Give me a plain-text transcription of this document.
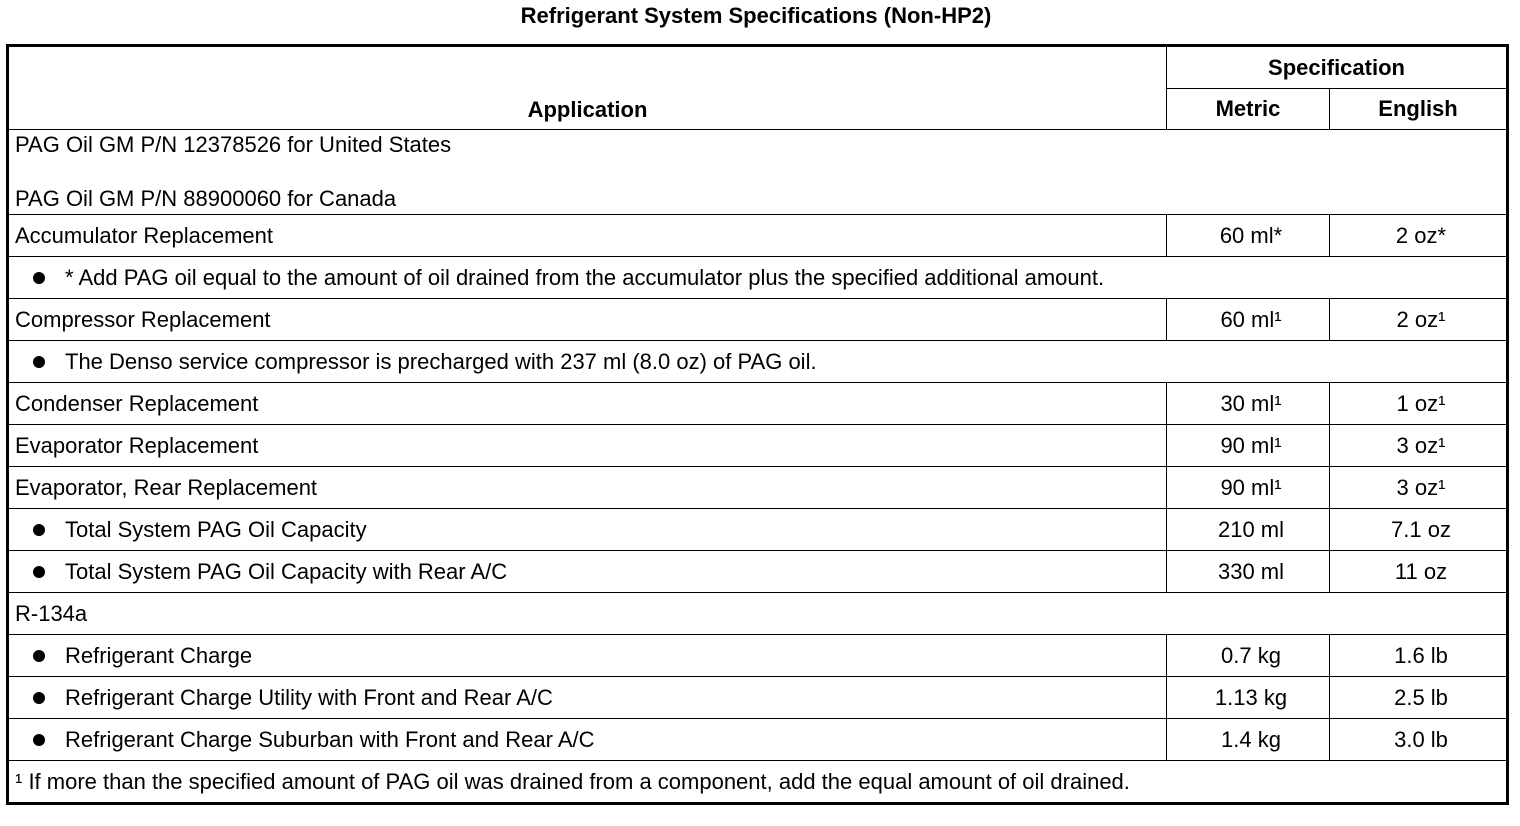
Refrigerant System Specifications (Non-HP2)
Application	Specification	
	Metric	English

PAG Oil GM P/N 12378526 for United States
PAG Oil GM P/N 88900060 for Canada		

Accumulator Replacement	60 ml*	2 oz*

* Add PAG oil equal to the amount of oil drained from the accumulator plus the specified additional amount.		

Compressor Replacement	60 ml¹	2 oz¹

The Denso service compressor is precharged with 237 ml (8.0 oz) of PAG oil.		

Condenser Replacement	30 ml¹	1 oz¹
Evaporator Replacement	90 ml¹	3 oz¹
Evaporator, Rear Replacement	90 ml¹	3 oz¹

Total System PAG Oil Capacity	210 ml	7.1 oz

Total System PAG Oil Capacity with Rear A/C	330 ml	11 oz
R-134a		

Refrigerant Charge	0.7 kg	1.6 lb

Refrigerant Charge Utility with Front and Rear A/C	1.13 kg	2.5 lb

Refrigerant Charge Suburban with Front and Rear A/C	1.4 kg	3.0 lb
¹ If more than the specified amount of PAG oil was drained from a component, add the equal amount of oil drained.		
